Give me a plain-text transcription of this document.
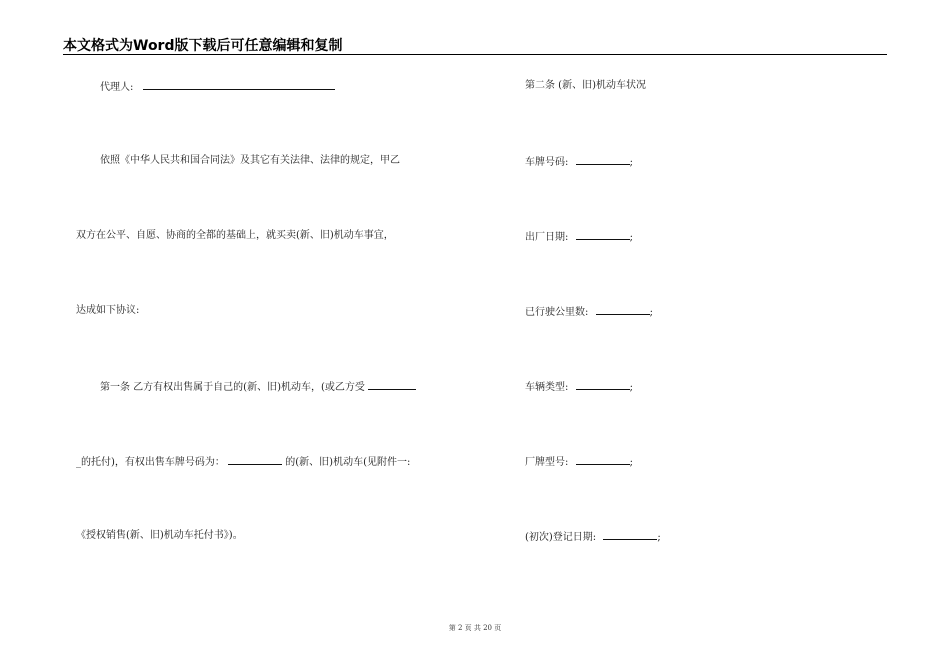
本文格式为Word版下载后可任意编辑和复制
代理人:
依照《中华人民共和国合同法》及其它有关法律、法律的规定，甲乙
双方在公平、自愿、协商的全都的基础上，就买卖(新、旧)机动车事宜，
达成如下协议:
第一条 乙方有权出售属于自己的(新、旧)机动车，(或乙方受
_的托付)，有权出售车牌号码为：	的(新、旧)机动车(见附件一:
《授权销售(新、旧)机动车托付书》)。
第二条 (新、旧)机动车状况
车牌号码:	;
出厂日期:	;
已行驶公里数:	;
车辆类型:	;
厂牌型号:	;
(初次)登记日期:	;
第 2 页 共 20 页
